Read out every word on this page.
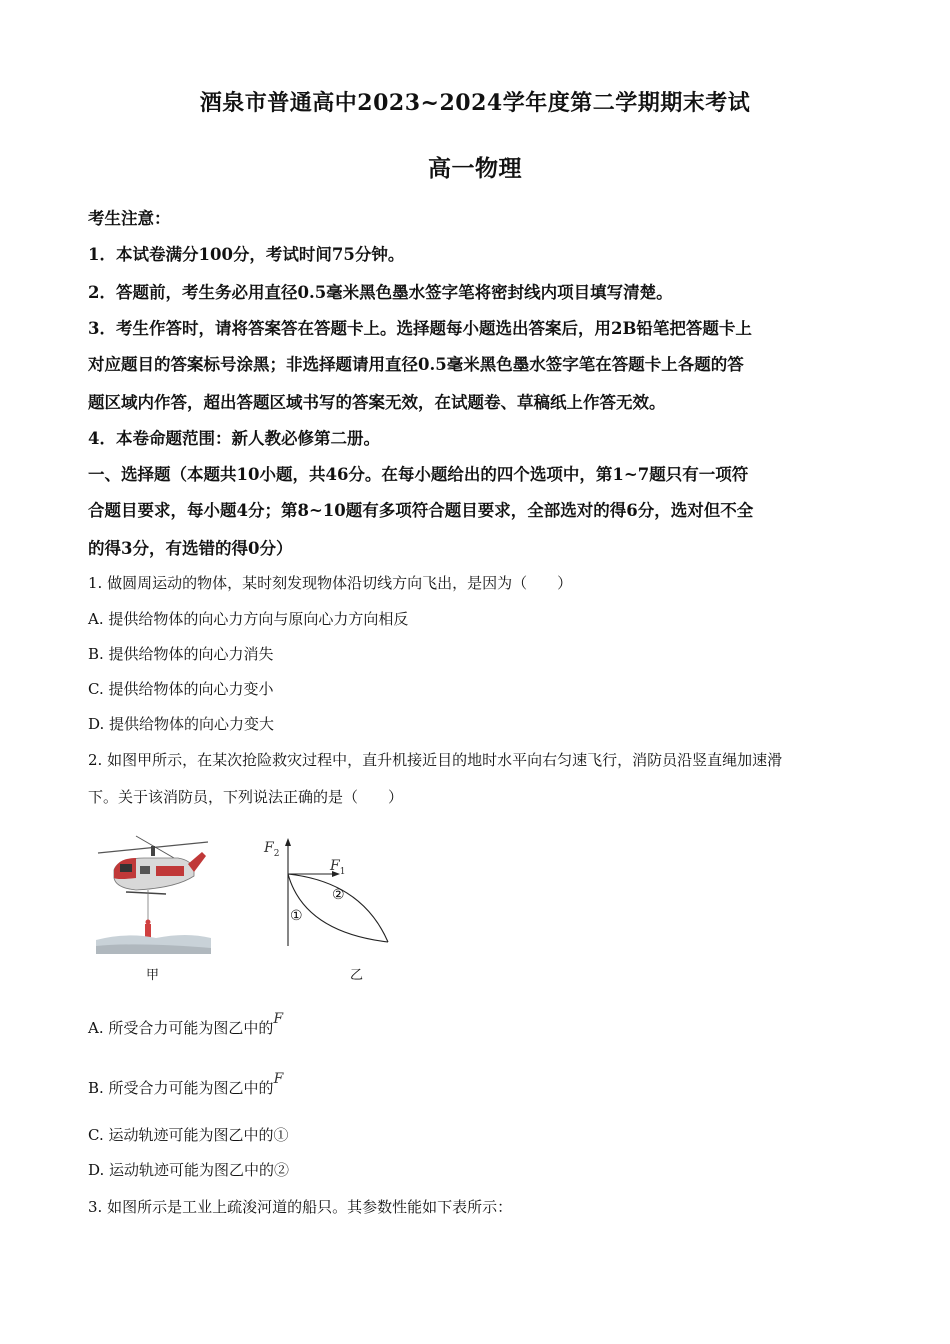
酒泉市普通高中2023~2024学年度第二学期期末考试
高一物理
考生注意：
1．本试卷满分100分，考试时间75分钟。
2．答题前，考生务必用直径0.5毫米黑色墨水签字笔将密封线内项目填写清楚。
3．考生作答时，请将答案答在答题卡上。选择题每小题选出答案后，用2B铅笔把答题卡上
对应题目的答案标号涂黑；非选择题请用直径0.5毫米黑色墨水签字笔在答题卡上各题的答
题区域内作答，超出答题区域书写的答案无效，在试题卷、草稿纸上作答无效。
4．本卷命题范围：新人教必修第二册。
一、选择题（本题共10小题，共46分。在每小题给出的四个选项中，第1~7题只有一项符
合题目要求，每小题4分；第8~10题有多项符合题目要求，全部选对的得6分，选对但不全
的得3分，有选错的得0分）
1. 做圆周运动的物体，某时刻发现物体沿切线方向飞出，是因为（　　）
A. 提供给物体的向心力方向与原向心力方向相反
B. 提供给物体的向心力消失
C. 提供给物体的向心力变小
D. 提供给物体的向心力变大
2. 如图甲所示，在某次抢险救灾过程中，直升机接近目的地时水平向右匀速飞行，消防员沿竖直绳加速滑
下。关于该消防员，下列说法正确的是（　　）
甲
$F_2$
$F_1$
①
②
乙
A. 所受合力可能为图乙中的F
B. 所受合力可能为图乙中的F
C. 运动轨迹可能为图乙中的①
D. 运动轨迹可能为图乙中的②
3. 如图所示是工业上疏浚河道的船只。其参数性能如下表所示：
